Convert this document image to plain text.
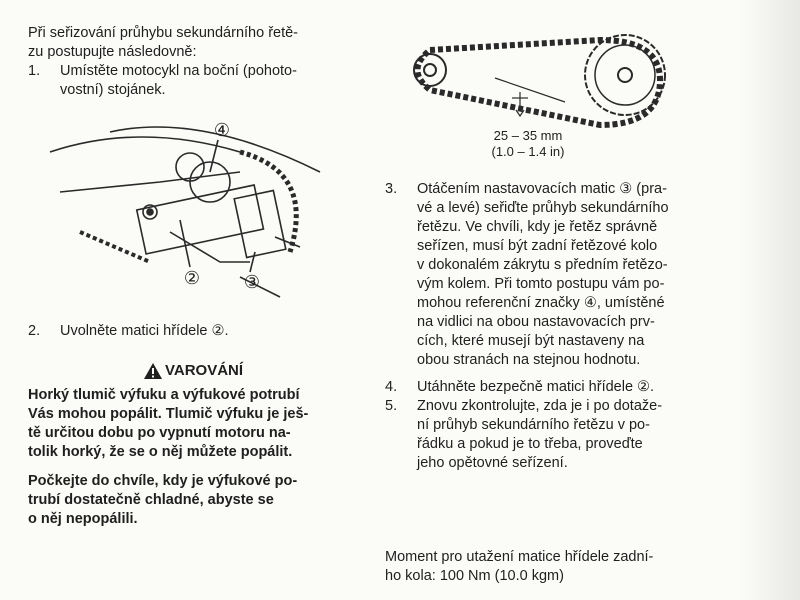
Při seřizování průhybu sekundárního řetě-
zu postupujte následovně:

1.	Umístěte motocykl na boční (pohoto-
vostní) stojánek.
2.	Uvolněte matici hřídele ②.
VAROVÁNÍ

Horký tlumič výfuku a výfukové potrubí
Vás mohou popálit. Tlumič výfuku je ješ-
tě určitou dobu po vypnutí motoru na-
tolik horký, že se o něj můžete popálit.

Počkejte do chvíle, kdy je výfukové po-
trubí dostatečně chladné, abyste se
o něj nepopálili.

② ③
④	25 – 35 mm
(1.0 – 1.4 in)
3.	Otáčením nastavovacích matic ③ (pra-
vé a levé) seřiďte průhyb sekundárního
řetězu. Ve chvíli, kdy je řetěz správně
seřízen, musí být zadní řetězové kolo
v dokonalém zákrytu s předním řetězo-
vým kolem. Při tomto postupu vám po-
mohou referenční značky ④, umístěné
na vidlici na obou nastavovacích prv-
cích, které musejí být nastaveny na
obou stranách na stejnou hodnotu.
4.	Utáhněte bezpečně matici hřídele ②.
5.	Znovu zkontrolujte, zda je i po dotaže-
ní průhyb sekundárního řetězu v po-
řádku a pokud je to třeba, proveďte
jeho opětovné seřízení.

Moment pro utažení matice hřídele zadní-
ho kola: 100 Nm (10.0 kgm)
